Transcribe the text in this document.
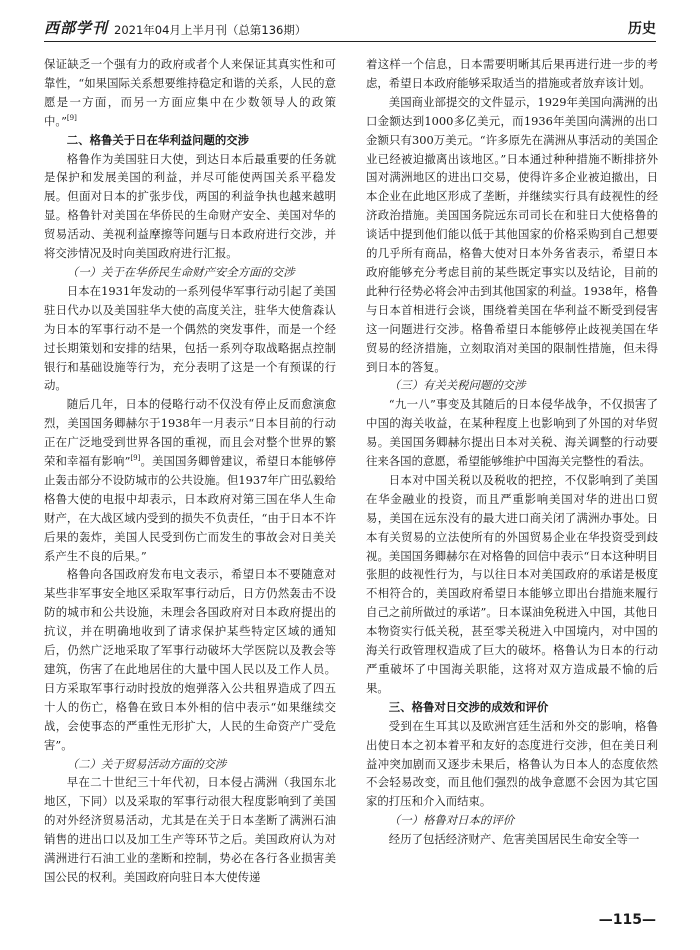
西部学刊 2021年04月上半月刊（总第136期）	历史

保证缺乏一个强有力的政府或者个人来保证其真实性和可靠性，“如果国际关系想要维持稳定和谐的关系，人民的意愿是一方面，而另一方面应集中在少数领导人的政策中。”[9]

二、格鲁关于日在华利益问题的交涉

格鲁作为美国驻日大使，到达日本后最重要的任务就是保护和发展美国的利益，并尽可能使两国关系平稳发展。但面对日本的扩张步伐，两国的利益争执也越来越明显。格鲁针对美国在华侨民的生命财产安全、美国对华的贸易活动、美视利益摩擦等问题与日本政府进行交涉，并将交涉情况及时向美国政府进行汇报。

（一）关于在华侨民生命财产安全方面的交涉

日本在1931年发动的一系列侵华军事行动引起了美国驻日代办以及美国驻华大使的高度关注，驻华大使詹森认为日本的军事行动不是一个偶然的突发事件，而是一个经过长期策划和安排的结果，包括一系列夺取战略据点控制银行和基础设施等行为，充分表明了这是一个有预谋的行动。

随后几年，日本的侵略行动不仅没有停止反而愈演愈烈，美国国务卿赫尔于1938年一月表示“日本目前的行动正在广泛地受到世界各国的重视，而且会对整个世界的繁荣和幸福有影响”[9]。美国国务卿曾建议，希望日本能够停止轰击部分不设防城市的公共设施。但1937年广田弘毅给格鲁大使的电报中却表示，日本政府对第三国在华人生命财产，在大战区域内受到的损失不负责任，“由于日本不许后果的轰炸，美国人民受到伤亡而发生的事故会对日美关系产生不良的后果。”

格鲁向各国政府发布电文表示，希望日本不要随意对某些非军事安全地区采取军事行动后，日方仍然轰击不设防的城市和公共设施，未理会各国政府对日本政府提出的抗议，并在明确地收到了请求保护某些特定区域的通知后，仍然广泛地采取了军事行动破坏大学医院以及教会等建筑，伤害了在此地居住的大量中国人民以及工作人员。日方采取军事行动时投放的炮弹落入公共租界造成了四五十人的伤亡，格鲁在致日本外相的信中表示“如果继续交战，会使事态的严重性无形扩大，人民的生命资产广受危害”。

（二）关于贸易活动方面的交涉

早在二十世纪三十年代初，日本侵占满洲（我国东北地区，下同）以及采取的军事行动很大程度影响到了美国的对外经济贸易活动，尤其是在关于日本垄断了满洲石油销售的进出口以及加工生产等环节之后。美国政府认为对满洲进行石油工业的垄断和控制，势必在各行各业损害美国公民的权利。美国政府向驻日本大使传递

着这样一个信息，日本需要明晰其后果再进行进一步的考虑，希望日本政府能够采取适当的措施或者放弃该计划。

美国商业部提交的文件显示，1929年美国向满洲的出口金额达到1000多亿美元，而1936年美国向满洲的出口金额只有300万美元。“许多原先在满洲从事活动的美国企业已经被迫撤离出该地区。”日本通过种种措施不断排挤外国对满洲地区的进出口交易，使得许多企业被迫撤出，日本企业在此地区形成了垄断，并继续实行具有歧视性的经济政治措施。美国国务院远东司司长在和驻日大使格鲁的谈话中提到他们能以低于其他国家的价格采购到自己想要的几乎所有商品，格鲁大使对日本外务省表示，希望日本政府能够充分考虑目前的某些既定事实以及结论，目前的此种行径势必将会冲击到其他国家的利益。1938年，格鲁与日本首相进行会谈，围绕着美国在华利益不断受到侵害这一问题进行交涉。格鲁希望日本能够停止歧视美国在华贸易的经济措施，立刻取消对美国的限制性措施，但未得到日本的答复。

（三）有关关税问题的交涉

“九一八”事变及其随后的日本侵华战争，不仅损害了中国的海关收益，在某种程度上也影响到了外国的对华贸易。美国国务卿赫尔提出日本对关税、海关调整的行动要往来各国的意愿，希望能够维护中国海关完整性的看法。

日本对中国关税以及税收的把控，不仅影响到了美国在华金融业的投资，而且严重影响美国对华的进出口贸易，美国在远东没有的最大进口商关闭了满洲办事处。日本有关贸易的立法使所有的外国贸易企业在华投资受到歧视。美国国务卿赫尔在对格鲁的回信中表示“日本这种明目张胆的歧视性行为，与以往日本对美国政府的承诺是极度不相符合的，美国政府希望日本能够立即出台措施来履行自己之前所做过的承诺”。日本谋油免税进入中国，其他日本物资实行低关税，甚至零关税进入中国境内，对中国的海关行政管理权造成了巨大的破坏。格鲁认为日本的行动严重破坏了中国海关职能，这将对双方造成最不愉的后果。

三、格鲁对日交涉的成效和评价

受到在生耳其以及欧洲宫廷生活和外交的影响，格鲁出使日本之初本着平和友好的态度进行交涉，但在美日利益冲突加剧而又逐步未果后，格鲁认为日本人的态度依然不会轻易改变，而且他们强烈的战争意愿不会因为其它国家的打压和介入而结束。

（一）格鲁对日本的评价

经历了包括经济财产、危害美国居民生命安全等一

—115—
